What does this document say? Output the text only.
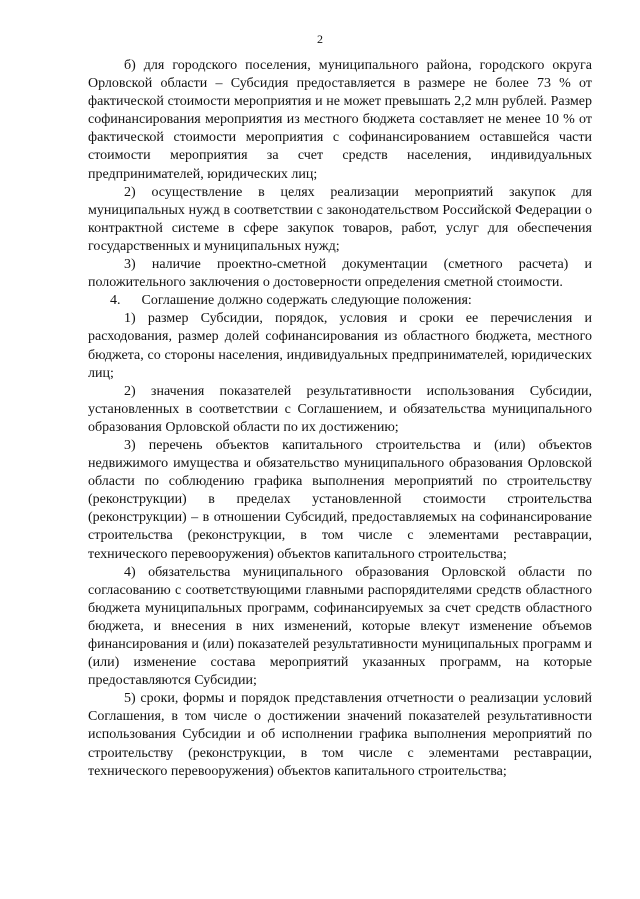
2

б) для городского поселения, муниципального района, городского округа Орловской области – Субсидия предоставляется в размере не более 73 % от фактической стоимости мероприятия и не может превышать 2,2 млн рублей. Размер софинансирования мероприятия из местного бюджета составляет не менее 10 % от фактической стоимости мероприятия с софинансированием оставшейся части стоимости мероприятия за счет средств населения, индивидуальных предпринимателей, юридических лиц;

2) осуществление в целях реализации мероприятий закупок для муниципальных нужд в соответствии с законодательством Российской Федерации о контрактной системе в сфере закупок товаров, работ, услуг для обеспечения государственных и муниципальных нужд;

3) наличие проектно-сметной документации (сметного расчета) и положительного заключения о достоверности определения сметной стоимости.

4.      Соглашение должно содержать следующие положения:

1) размер Субсидии, порядок, условия и сроки ее перечисления и расходования, размер долей софинансирования из областного бюджета, местного бюджета, со стороны населения, индивидуальных предпринимателей, юридических лиц;

2) значения показателей результативности использования Субсидии, установленных в соответствии с Соглашением, и обязательства муниципального образования Орловской области по их достижению;

3) перечень объектов капитального строительства и (или) объектов недвижимого имущества и обязательство муниципального образования Орловской области по соблюдению графика выполнения мероприятий по строительству (реконструкции) в пределах установленной стоимости строительства (реконструкции) – в отношении Субсидий, предоставляемых на софинансирование строительства (реконструкции, в том числе с элементами реставрации, технического перевооружения) объектов капитального строительства;

4) обязательства муниципального образования Орловской области по согласованию с соответствующими главными распорядителями средств областного бюджета муниципальных программ, софинансируемых за счет средств областного бюджета, и внесения в них изменений, которые влекут изменение объемов финансирования и (или) показателей результативности муниципальных программ и (или) изменение состава мероприятий указанных программ, на которые предоставляются Субсидии;

5) сроки, формы и порядок представления отчетности о реализации условий Соглашения, в том числе о достижении значений показателей результативности использования Субсидии и об исполнении графика выполнения мероприятий по строительству (реконструкции, в том числе с элементами реставрации, технического перевооружения) объектов капитального строительства;
